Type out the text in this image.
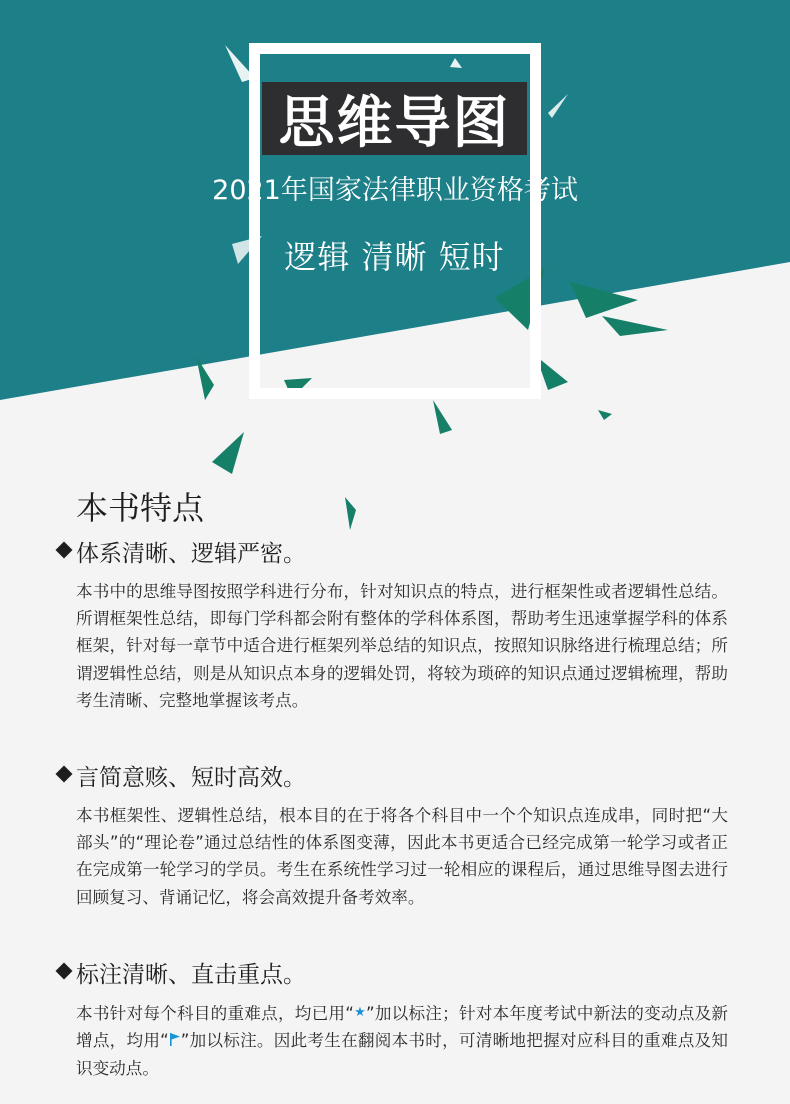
思维导图
2021年国家法律职业资格考试
逻辑 清晰 短时
本书特点
体系清晰、逻辑严密。
本书中的思维导图按照学科进行分布，针对知识点的特点，进行框架性或者逻辑性总结。所谓框架性总结，即每门学科都会附有整体的学科体系图，帮助考生迅速掌握学科的体系框架，针对每一章节中适合进行框架列举总结的知识点，按照知识脉络进行梳理总结；所谓逻辑性总结，则是从知识点本身的逻辑处罚，将较为琐碎的知识点通过逻辑梳理，帮助考生清晰、完整地掌握该考点。
言简意赅、短时高效。
本书框架性、逻辑性总结，根本目的在于将各个科目中一个个知识点连成串，同时把“大部头”的“理论卷”通过总结性的体系图变薄，因此本书更适合已经完成第一轮学习或者正在完成第一轮学习的学员。考生在系统性学习过一轮相应的课程后，通过思维导图去进行回顾复习、背诵记忆，将会高效提升备考效率。
标注清晰、直击重点。
本书针对每个科目的重难点，均已用“★”加以标注；针对本年度考试中新法的变动点及新增点，均用“ ”加以标注。因此考生在翻阅本书时，可清晰地把握对应科目的重难点及知识变动点。
